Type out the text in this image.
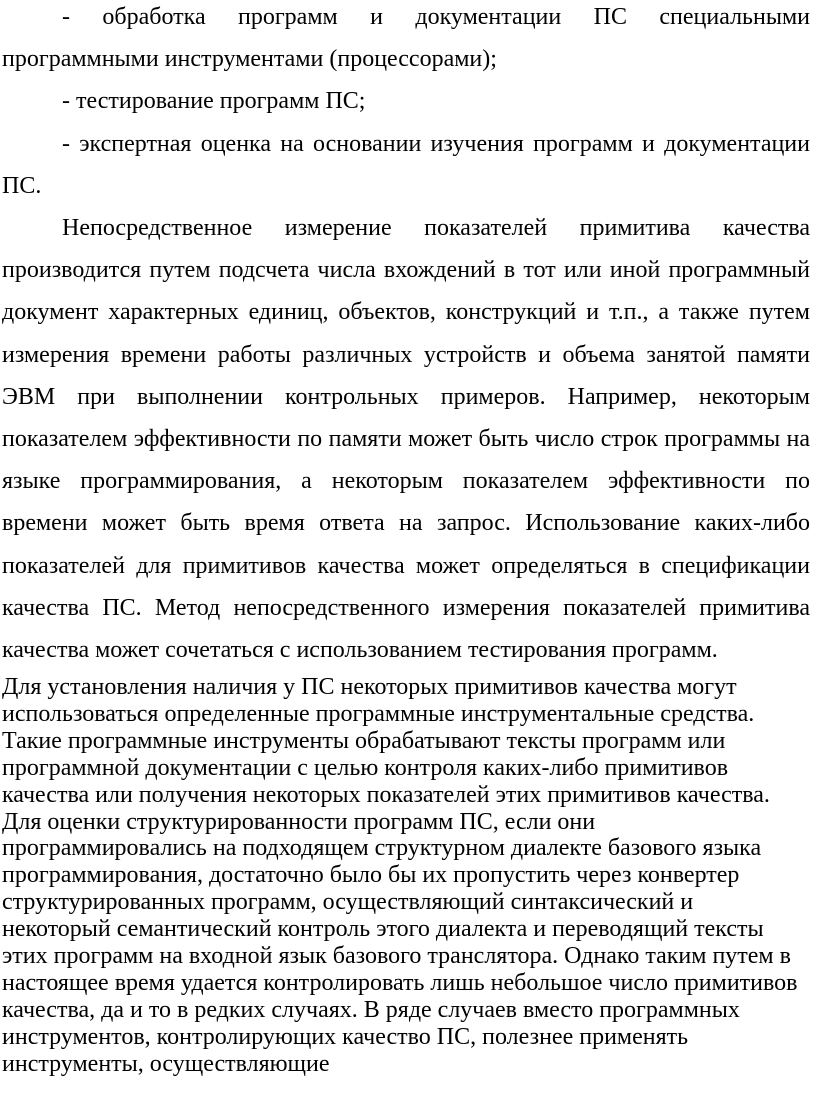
- обработка программ и документации ПС специальными программными инструментами (процессорами);

- тестирование программ ПС;

- экспертная оценка на основании изучения программ и документации ПС.

Непосредственное измерение показателей примитива качества производится путем подсчета числа вхождений в тот или иной программный документ характерных единиц, объектов, конструкций и т.п., а также путем измерения времени работы различных устройств и объема занятой памяти ЭВМ при выполнении контрольных примеров. Например, некоторым показателем эффективности по памяти может быть число строк программы на языке программирования, а некоторым показателем эффективности по времени может быть время ответа на запрос. Использование каких-либо показателей для примитивов качества может определяться в спецификации качества ПС. Метод непосредственного измерения показателей примитива качества может сочетаться с использованием тестирования программ.

Для установления наличия у ПС некоторых примитивов качества могут

использоваться определенные программные инструментальные средства.

Такие программные инструменты обрабатывают тексты программ или

программной документации с целью контроля каких-либо примитивов

качества или получения некоторых показателей этих примитивов качества.

Для оценки структурированности программ ПС, если они

программировались на подходящем структурном диалекте базового языка

программирования, достаточно было бы их пропустить через конвертер

структурированных программ, осуществляющий синтаксический и

некоторый семантический контроль этого диалекта и переводящий тексты

этих программ на входной язык базового транслятора. Однако таким путем в

настоящее время удается контролировать лишь небольшое число примитивов

качества, да и то в редких случаях. В ряде случаев вместо программных

инструментов, контролирующих качество ПС, полезнее применять

инструменты, осуществляющие
